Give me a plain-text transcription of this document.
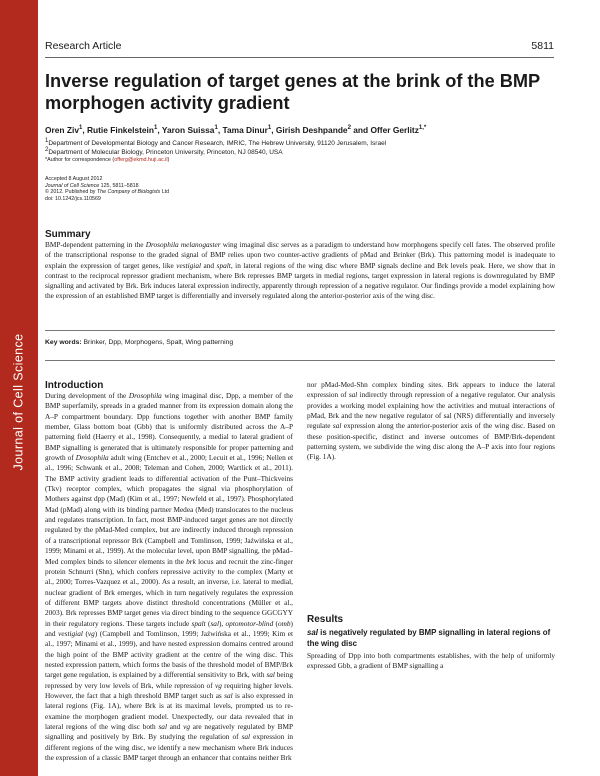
Journal of Cell Science
Research Article	5811
Inverse regulation of target genes at the brink of the BMP morphogen activity gradient
Oren Ziv$^1$, Rutie Finkelstein$^1$, Yaron Suissa$^1$, Tama Dinur$^1$, Girish Deshpande$^2$ and Offer Gerlitz$^{1,*}$
$^1$Department of Developmental Biology and Cancer Research, IMRIC, The Hebrew University, 91120 Jerusalem, Israel
$^2$Department of Molecular Biology, Princeton University, Princeton, NJ 08540, USA
*Author for correspondence (offerg@ekmd.huji.ac.il)
Accepted 8 August 2012
Journal of Cell Science 125, 5811–5818
© 2012. Published by The Company of Biologists Ltd
doi: 10.1242/jcs.110569
Summary

BMP-dependent patterning in the Drosophila melanogaster wing imaginal disc serves as a paradigm to understand how morphogens specify cell fates. The observed profile of the transcriptional response to the graded signal of BMP relies upon two counter-active gradients of pMad and Brinker (Brk). This patterning model is inadequate to explain the expression of target genes, like vestigial and spalt, in lateral regions of the wing disc where BMP signals decline and Brk levels peak. Here, we show that in contrast to the reciprocal repressor gradient mechanism, where Brk represses BMP targets in medial regions, target expression in lateral regions is downregulated by BMP signalling and activated by Brk. Brk induces lateral expression indirectly, apparently through repression of a negative regulator. Our findings provide a model explaining how the expression of an established BMP target is differentially and inversely regulated along the anterior-posterior axis of the wing disc.

Key words: Brinker, Dpp, Morphogens, Spalt, Wing patterning
Introduction

During development of the Drosophila wing imaginal disc, Dpp, a member of the BMP superfamily, spreads in a graded manner from its expression domain along the A–P compartment boundary. Dpp functions together with another BMP family member, Glass bottom boat (Gbb) that is uniformly distributed across the A–P patterning field (Haerry et al., 1998). Consequently, a medial to lateral gradient of BMP signalling is generated that is ultimately responsible for proper patterning and growth of Drosophila adult wing (Entchev et al., 2000; Lecuit et al., 1996; Nellen et al., 1996; Schwank et al., 2008; Teleman and Cohen, 2000; Wartlick et al., 2011). The BMP activity gradient leads to differential activation of the Punt–Thickveins (Tkv) receptor complex, which propagates the signal via phosphorylation of Mothers against dpp (Mad) (Kim et al., 1997; Newfeld et al., 1997). Phosphorylated Mad (pMad) along with its binding partner Medea (Med) translocates to the nucleus and regulates transcription. In fact, most BMP-induced target genes are not directly regulated by the pMad-Med complex, but are indirectly induced through repression of a transcriptional repressor Brk (Campbell and Tomlinson, 1999; Jaźwińska et al., 1999; Minami et al., 1999). At the molecular level, upon BMP signalling, the pMad–Med complex binds to silencer elements in the brk locus and recruit the zinc-finger protein Schnurri (Shn), which confers repressive activity to the complex (Marty et al., 2000; Torres-Vazquez et al., 2000). As a result, an inverse, i.e. lateral to medial, nuclear gradient of Brk emerges, which in turn negatively regulates the expression of different BMP targets above distinct threshold concentrations (Müller et al., 2003). Brk represses BMP target genes via direct binding to the sequence GGCGYY in their regulatory regions. These targets include spalt (sal), optomotor-blind (omb) and vestigial (vg) (Campbell and Tomlinson, 1999; Jaźwińska et al., 1999; Kim et al., 1997; Minami et al., 1999), and have nested expression domains centred around the high point of the BMP activity gradient at the centre of the wing disc. This nested expression pattern, which forms the basis of the threshold model of BMP/Brk target gene regulation, is explained by a differential sensitivity to Brk, with sal being repressed by very low levels of Brk, while repression of vg requiring higher levels. However, the fact that a high threshold BMP target such as sal is also expressed in lateral regions (Fig. 1A), where Brk is at its maximal levels, prompted us to re-examine the morphogen gradient model. Unexpectedly, our data revealed that in lateral regions of the wing disc both sal and vg are negatively regulated by BMP signalling and positively by Brk. By studying the regulation of sal expression in different regions of the wing disc, we identify a new mechanism where Brk induces the expression of a classic BMP target through an enhancer that contains neither Brk

nor pMad-Med-Shn complex binding sites. Brk appears to induce the lateral expression of sal indirectly through repression of a negative regulator. Our analysis provides a working model explaining how the activities and mutual interactions of pMad, Brk and the new negative regulator of sal (NRS) differentially and inversely regulate sal expression along the anterior-posterior axis of the wing disc. Based on these position-specific, distinct and inverse outcomes of BMP/Brk-dependent patterning system, we subdivide the wing disc along the A–P axis into four regions (Fig. 1A).

Results

sal is negatively regulated by BMP signalling in lateral regions of the wing disc

Spreading of Dpp into both compartments establishes, with the help of uniformly expressed Gbb, a gradient of BMP signalling a
